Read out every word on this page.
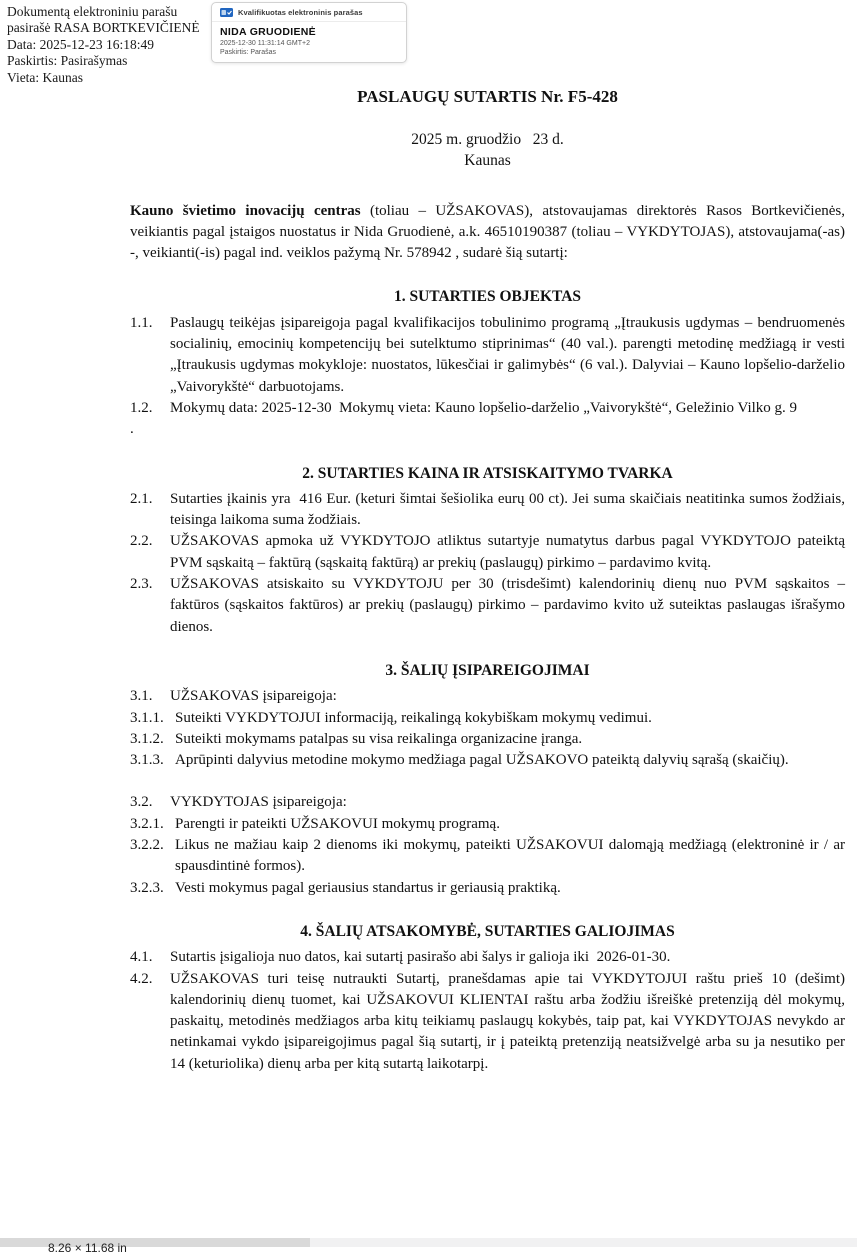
Dokumentą elektroniniu parašu
pasirašė RASA BORTKEVIČIENĖ
Data: 2025-12-23 16:18:49
Paskirtis: Pasirašymas
Vieta: Kaunas
Kvalifikuotas elektroninis parašas
NIDA GRUODIENĖ
2025-12-30 11:31:14 GMT+2
Paskirtis: Parašas
PASLAUGŲ SUTARTIS Nr. F5-428
2025 m. gruodžio   23 d.
Kaunas

Kauno švietimo inovacijų centras (toliau – UŽSAKOVAS), atstovaujamas direktorės Rasos Bortkevičienės, veikiantis pagal įstaigos nuostatus ir Nida Gruodienė, a.k. 46510190387 (toliau – VYKDYTOJAS), atstovaujama(-as) -, veikianti(-is) pagal ind. veiklos pažymą Nr. 578942 , sudarė šią sutartį:

1. SUTARTIES OBJEKTAS
1.1.	Paslaugų teikėjas įsipareigoja pagal kvalifikacijos tobulinimo programą „Įtraukusis ugdymas – bendruomenės socialinių, emocinių kompetencijų bei sutelktumo stiprinimas“ (40 val.). parengti metodinę medžiagą ir vesti „Įtraukusis ugdymas mokykloje: nuostatos, lūkesčiai ir galimybės“ (6 val.). Dalyviai – Kauno lopšelio-darželio „Vaivorykštė“ darbuotojams.
1.2.	Mokymų data: 2025-12-30  Mokymų vieta: Kauno lopšelio-darželio „Vaivorykštė“, Geležinio Vilko g. 9
.
2. SUTARTIES KAINA IR ATSISKAITYMO TVARKA
2.1.	Sutarties įkainis yra  416 Eur. (keturi šimtai šešiolika eurų 00 ct). Jei suma skaičiais neatitinka sumos žodžiais, teisinga laikoma suma žodžiais.
2.2.	UŽSAKOVAS apmoka už VYKDYTOJO atliktus sutartyje numatytus darbus pagal VYKDYTOJO pateiktą PVM sąskaitą – faktūrą (sąskaitą faktūrą) ar prekių (paslaugų) pirkimo – pardavimo kvitą.
2.3.	UŽSAKOVAS atsiskaito su VYKDYTOJU per 30 (trisdešimt) kalendorinių dienų nuo PVM sąskaitos – faktūros (sąskaitos faktūros) ar prekių (paslaugų) pirkimo – pardavimo kvito už suteiktas paslaugas išrašymo dienos.
3. ŠALIŲ ĮSIPAREIGOJIMAI
3.1.	UŽSAKOVAS įsipareigoja:
3.1.1. Suteikti VYKDYTOJUI informaciją, reikalingą kokybiškam mokymų vedimui.
3.1.2. Suteikti mokymams patalpas su visa reikalinga organizacine įranga.
3.1.3. Aprūpinti dalyvius metodine mokymo medžiaga pagal UŽSAKOVO pateiktą dalyvių sąrašą (skaičių).
3.2.	VYKDYTOJAS įsipareigoja:
3.2.1. Parengti ir pateikti UŽSAKOVUI mokymų programą.
3.2.2. Likus ne mažiau kaip 2 dienoms iki mokymų, pateikti UŽSAKOVUI dalomąją medžiagą (elektroninė ir / ar spausdintinė formos).
3.2.3. Vesti mokymus pagal geriausius standartus ir geriausią praktiką.
4. ŠALIŲ ATSAKOMYBĖ, SUTARTIES GALIOJIMAS
4.1.	Sutartis įsigalioja nuo datos, kai sutartį pasirašo abi šalys ir galioja iki  2026-01-30.
4.2.	UŽSAKOVAS turi teisę nutraukti Sutartį, pranešdamas apie tai VYKDYTOJUI raštu prieš 10 (dešimt) kalendorinių dienų tuomet, kai UŽSAKOVUI KLIENTAI raštu arba žodžiu išreiškė pretenziją dėl mokymų, paskaitų, metodinės medžiagos arba kitų teikiamų paslaugų kokybės, taip pat, kai VYKDYTOJAS nevykdo ar netinkamai vykdo įsipareigojimus pagal šią sutartį, ir į pateiktą pretenziją neatsižvelgė arba su ja nesutiko per 14 (keturiolika) dienų arba per kitą sutartą laikotarpį.
8.26 × 11.68 in
